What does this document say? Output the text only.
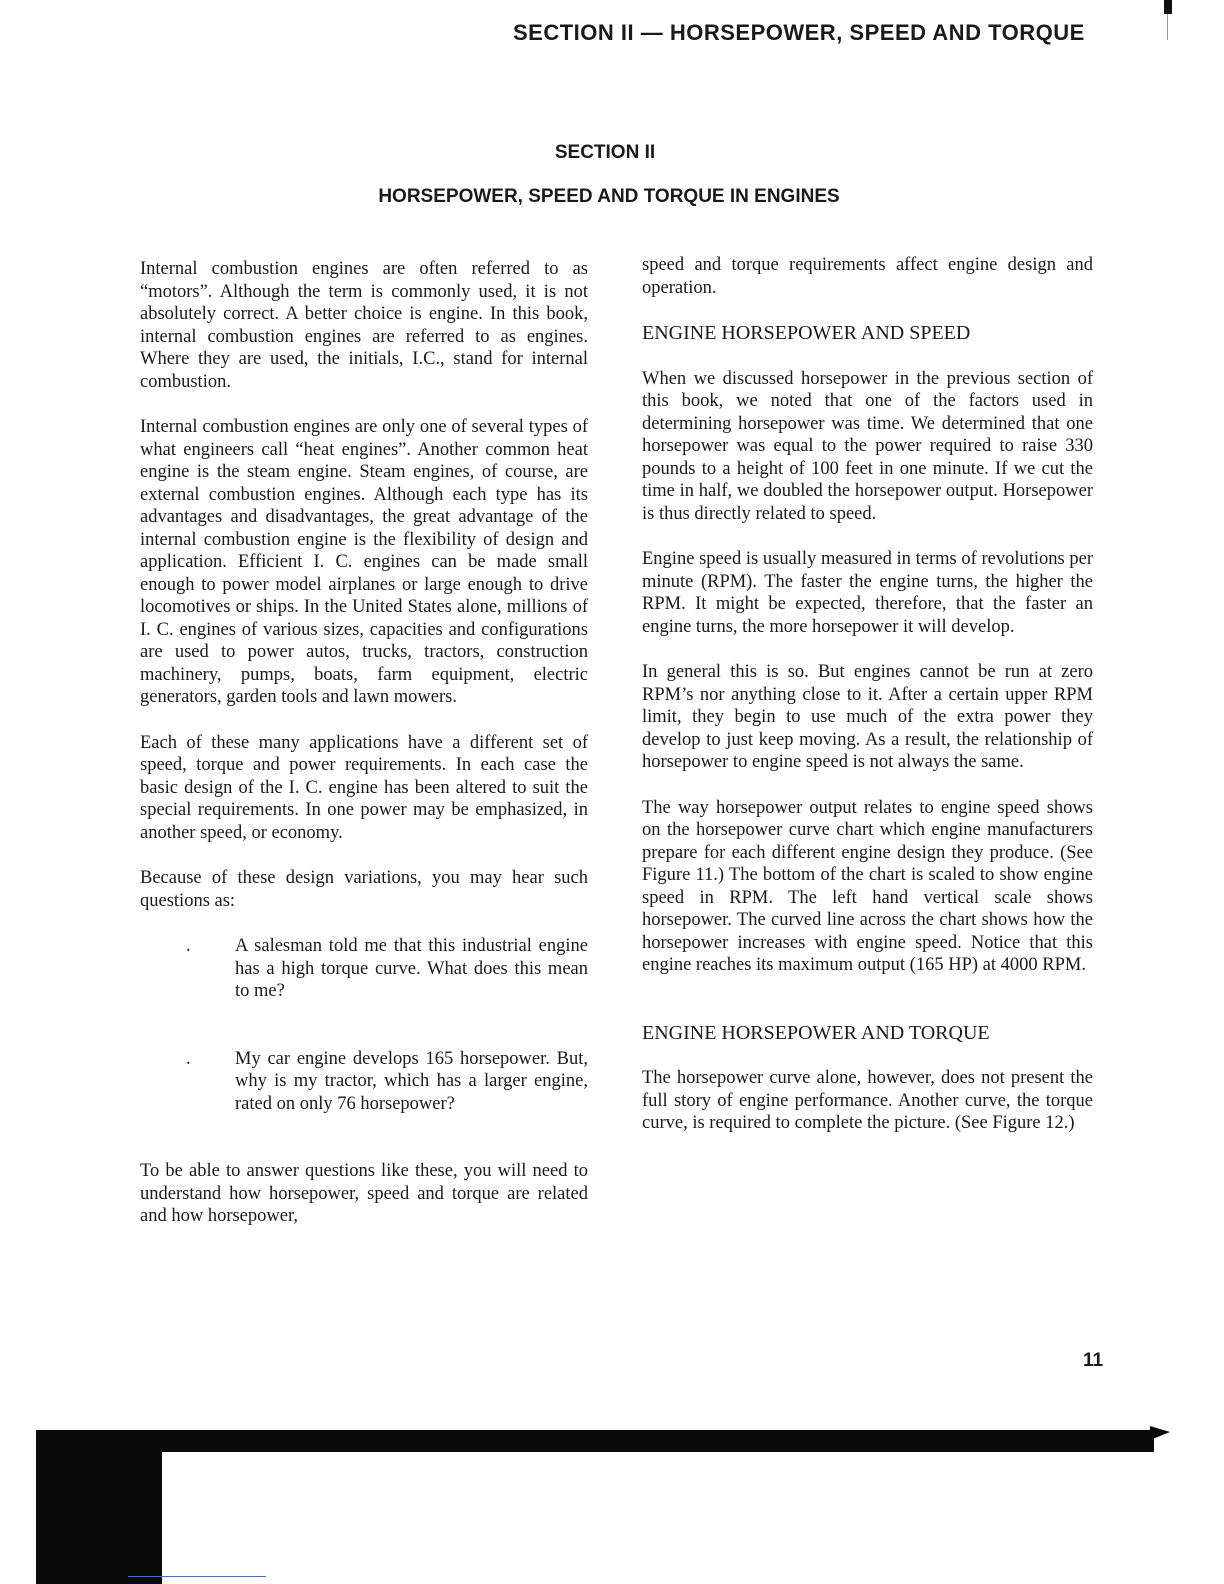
SECTION II — HORSEPOWER, SPEED AND TORQUE
SECTION II
HORSEPOWER, SPEED AND TORQUE IN ENGINES

Internal combustion engines are often referred to as “motors”. Although the term is commonly used, it is not absolutely correct. A better choice is engine. In this book, internal combustion engines are referred to as engines. Where they are used, the initials, I.C., stand for internal combustion.

Internal combustion engines are only one of several types of what engineers call “heat engines”. Another common heat engine is the steam engine. Steam engines, of course, are external combustion engines. Although each type has its advantages and disadvantages, the great advantage of the internal combustion engine is the flexibility of design and application. Efficient I. C. engines can be made small enough to power model airplanes or large enough to drive locomotives or ships. In the United States alone, millions of I. C. engines of various sizes, capacities and configurations are used to power autos, trucks, tractors, construction machinery, pumps, boats, farm equipment, electric generators, garden tools and lawn mowers.

Each of these many applications have a different set of speed, torque and power requirements. In each case the basic design of the I. C. engine has been altered to suit the special requirements. In one power may be emphasized, in another speed, or economy.

Because of these design variations, you may hear such questions as:

. A salesman told me that this industrial engine has a high torque curve. What does this mean to me?
. My car engine develops 165 horsepower. But, why is my tractor, which has a larger engine, rated on only 76 horsepower?

To be able to answer questions like these, you will need to understand how horsepower, speed and torque are related and how horsepower,

speed and torque requirements affect engine design and operation.

ENGINE HORSEPOWER AND SPEED

When we discussed horsepower in the previous section of this book, we noted that one of the factors used in determining horsepower was time. We determined that one horsepower was equal to the power required to raise 330 pounds to a height of 100 feet in one minute. If we cut the time in half, we doubled the horsepower output. Horsepower is thus directly related to speed.

Engine speed is usually measured in terms of revolutions per minute (RPM). The faster the engine turns, the higher the RPM. It might be expected, therefore, that the faster an engine turns, the more horsepower it will develop.

In general this is so. But engines cannot be run at zero RPM’s nor anything close to it. After a certain upper RPM limit, they begin to use much of the extra power they develop to just keep moving. As a result, the relationship of horsepower to engine speed is not always the same.

The way horsepower output relates to engine speed shows on the horsepower curve chart which engine manufacturers prepare for each different engine design they produce. (See Figure 11.) The bottom of the chart is scaled to show engine speed in RPM. The left hand vertical scale shows horsepower. The curved line across the chart shows how the horsepower increases with engine speed. Notice that this engine reaches its maximum output (165 HP) at 4000 RPM.

ENGINE HORSEPOWER AND TORQUE

The horsepower curve alone, however, does not present the full story of engine performance. Another curve, the torque curve, is required to complete the picture. (See Figure 12.)

11
